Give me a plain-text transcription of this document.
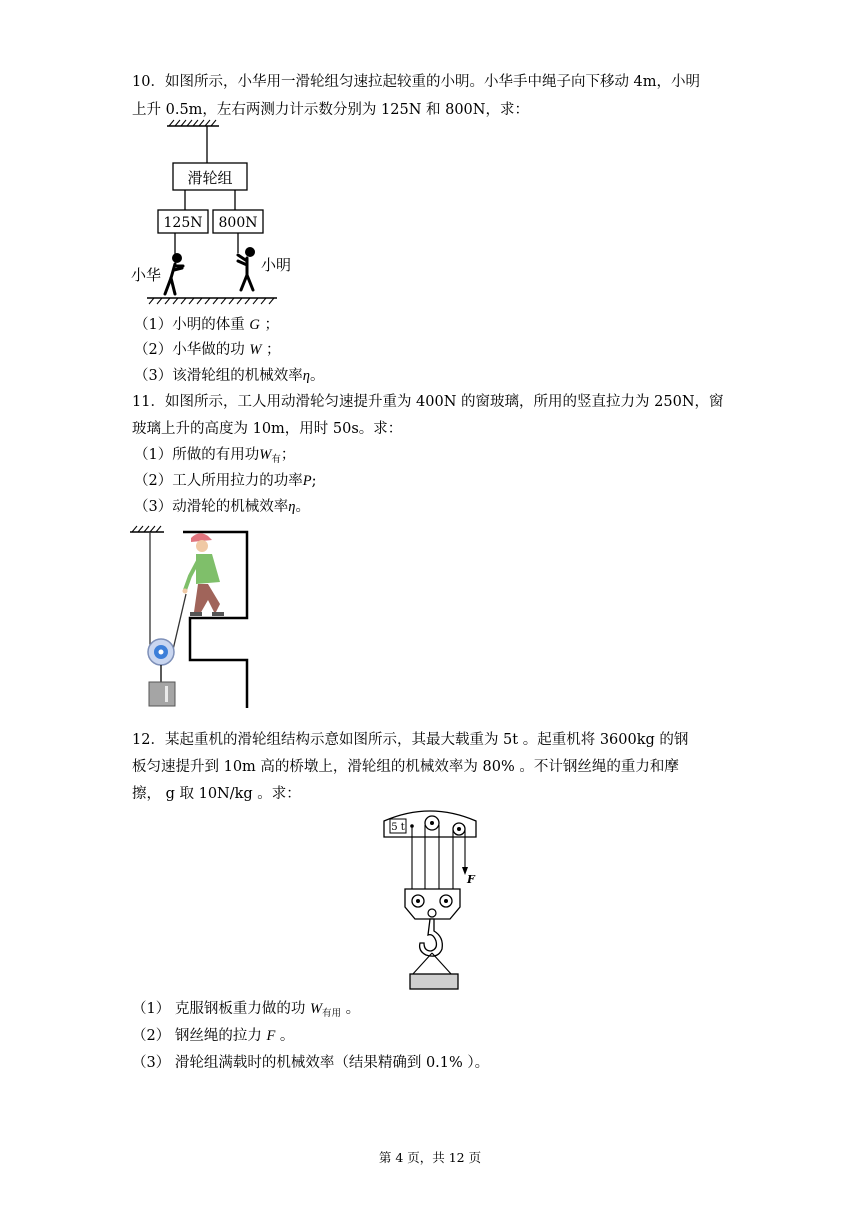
10．如图所示，小华用一滑轮组匀速拉起较重的小明。小华手中绳子向下移动 4m，小明
上升 0.5m，左右两测力计示数分别为 125N 和 800N，求：
滑轮组
125N 800N
小华
小明
（1）小明的体重 G ；
（2）小华做的功 W ；
（3）该滑轮组的机械效率η。
11．如图所示，工人用动滑轮匀速提升重为 400N 的窗玻璃，所用的竖直拉力为 250N，窗
玻璃上升的高度为 10m，用时 50s。求：
（1）所做的有用功$W_有$；
（2）工人所用拉力的功率P;
（3）动滑轮的机械效率η。
12．某起重机的滑轮组结构示意如图所示，其最大载重为 5t 。起重机将 3600kg 的钢
板匀速提升到 10m 高的桥墩上，滑轮组的机械效率为 80% 。不计钢丝绳的重力和摩
擦， g 取 10N/kg 。求：
5 t
F
（1） 克服钢板重力做的功 $W_{有用}$ 。
（2） 钢丝绳的拉力 F 。
（3） 滑轮组满载时的机械效率（结果精确到 0.1% ）。
第 4 页，共 12 页
